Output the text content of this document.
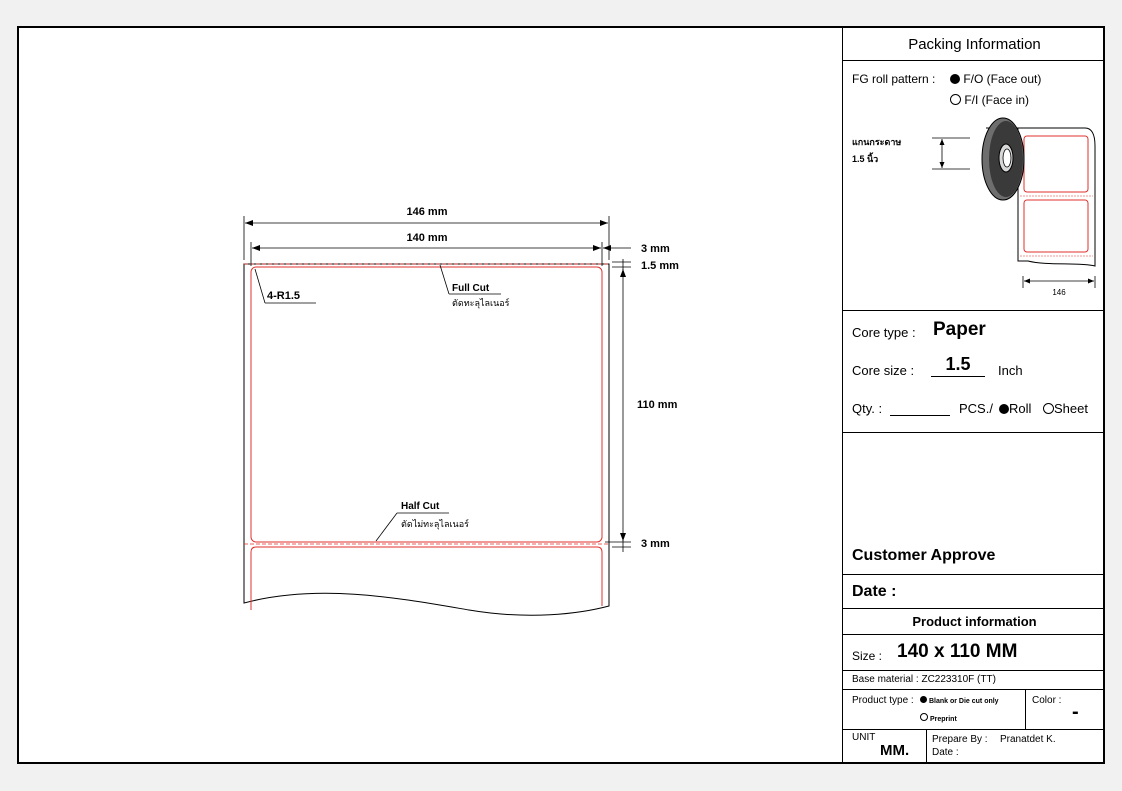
146 mm
140 mm
3 mm
1.5 mm
110 mm
3 mm
4-R1.5
Full Cut
ตัดทะลุไลเนอร์
Half Cut
ตัดไม่ทะลุไลเนอร์
Packing Information
FG roll pattern :	F/O (Face out)
F/I (Face in)
แกนกระดาษ
1.5 นิ้ว
146
Core type : Paper
Core size :	1.5	Inch
Qty. :	PCS./	Roll	Sheet
Customer Approve
Date :
Product information
Size : 140 x 110 MM
Base material : ZC223310F (TT)
Product type :	Blank or Die cut only
Preprint
Color :
-
UNIT
MM.
Prepare By : Pranatdet K.
Date :
